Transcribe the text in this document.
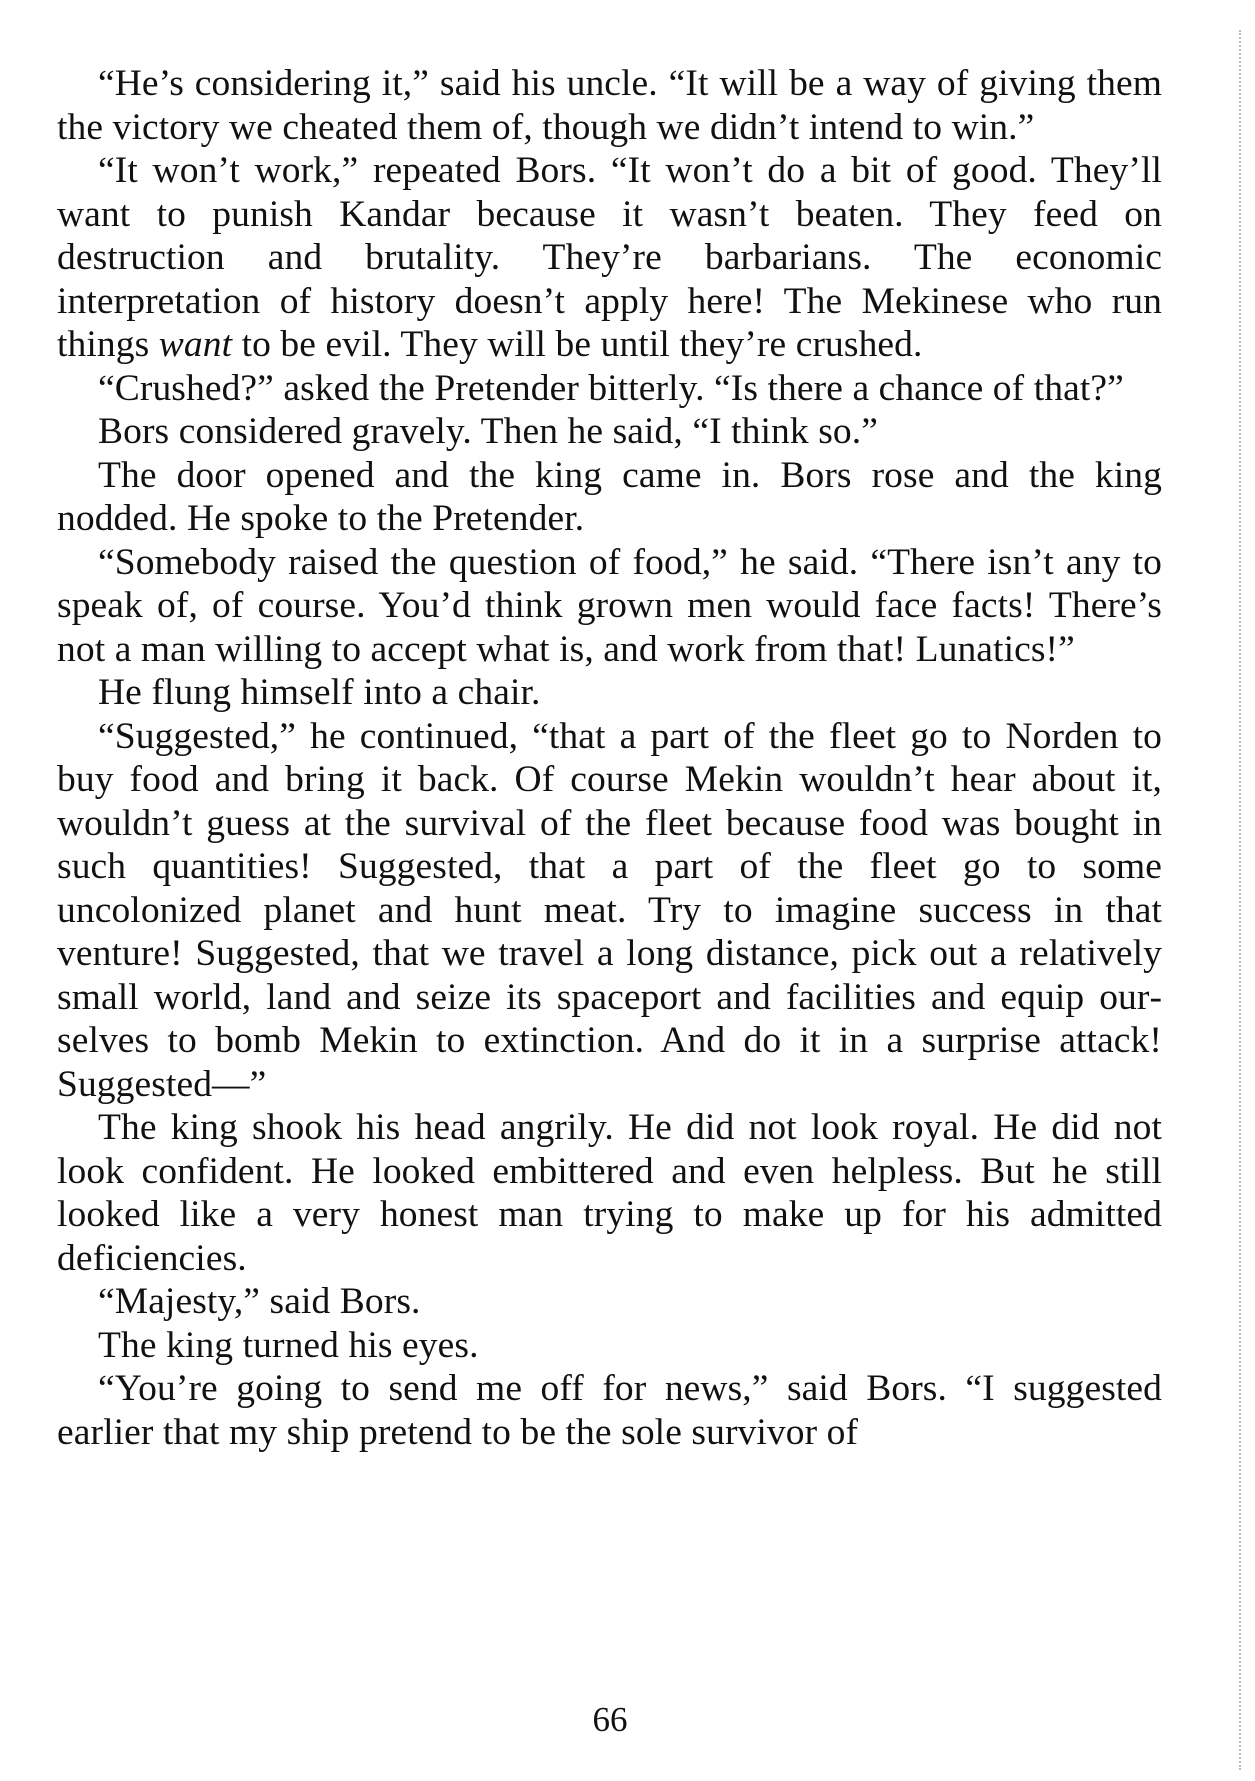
“He’s considering it,” said his uncle. “It will be a way of giving them the victory we cheated them of, though we didn’t intend to win.”

“It won’t work,” repeated Bors. “It won’t do a bit of good. They’ll want to punish Kandar because it wasn’t beaten. They feed on destruction and brutality. They’re barbarians. The economic interpretation of history doesn’t apply here! The Mekinese who run things want to be evil. They will be until they’re crushed.

“Crushed?” asked the Pretender bitterly. “Is there a chance of that?”

Bors considered gravely. Then he said, “I think so.”

The door opened and the king came in. Bors rose and the king nodded. He spoke to the Pretender.

“Somebody raised the question of food,” he said. “There isn’t any to speak of, of course. You’d think grown men would face facts! There’s not a man willing to accept what is, and work from that! Lunatics!”

He flung himself into a chair.

“Suggested,” he continued, “that a part of the fleet go to Norden to buy food and bring it back. Of course Mekin wouldn’t hear about it, wouldn’t guess at the survival of the fleet because food was bought in such quantities! Suggested, that a part of the fleet go to some uncolonized planet and hunt meat. Try to imagine success in that venture! Suggested, that we travel a long distance, pick out a relatively small world, land and seize its spaceport and facilities and equip ourselves to bomb Mekin to extinction. And do it in a surprise attack! Suggested—”

The king shook his head angrily. He did not look royal. He did not look confident. He looked embittered and even helpless. But he still looked like a very honest man trying to make up for his admitted deficiencies.

“Majesty,” said Bors.

The king turned his eyes.

“You’re going to send me off for news,” said Bors. “I suggested earlier that my ship pretend to be the sole survivor of

66
